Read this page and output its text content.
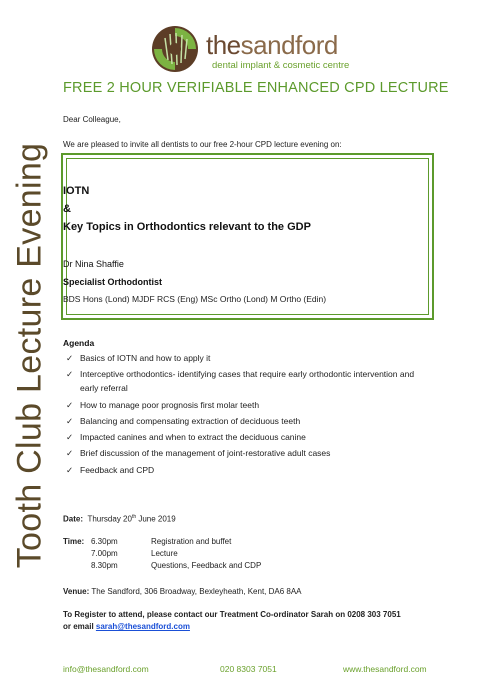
thesandford
dental implant & cosmetic centre
Tooth Club Lecture Evening
FREE 2 HOUR VERIFIABLE ENHANCED CPD LECTURE
Dear Colleague,
We are pleased to invite all dentists to our free 2-hour CPD lecture evening on:
IOTN
&
Key Topics in Orthodontics relevant to the GDP
Dr Nina Shaffie
Specialist Orthodontist
BDS Hons (Lond) MJDF RCS (Eng) MSc Ortho (Lond) M Ortho (Edin)
Agenda
✓ Basics of IOTN and how to apply it
✓ Interceptive orthodontics- identifying cases that require early orthodontic intervention and early referral
✓ How to manage poor prognosis first molar teeth
✓ Balancing and compensating extraction of deciduous teeth
✓ Impacted canines and when to extract the deciduous canine
✓ Brief discussion of the management of joint-restorative adult cases
✓ Feedback and CPD
Date: Thursday 20th June 2019
Time: 6.30pm	Registration and buffet
7.00pm	Lecture
8.30pm	Questions, Feedback and CDP
Venue: The Sandford, 306 Broadway, Bexleyheath, Kent, DA6 8AA
To Register to attend, please contact our Treatment Co-ordinator Sarah on 0208 303 7051
or email sarah@thesandford.com
info@thesandford.com	020 8303 7051	www.thesandford.com
